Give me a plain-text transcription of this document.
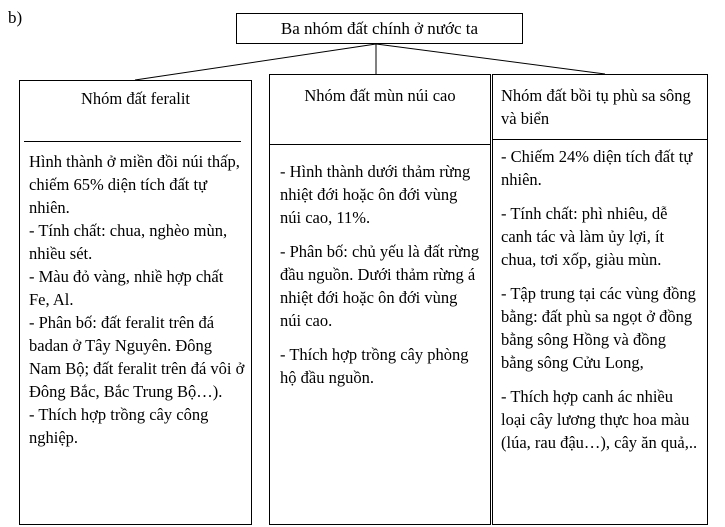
b)
Ba nhóm đất chính ở nước ta
Nhóm đất feralit

Hình thành ở miền đồi núi thấp, chiếm 65% diện tích đất tự nhiên.

- Tính chất: chua, nghèo mùn, nhiều sét.

- Màu đỏ vàng, nhiề hợp chất Fe, Al.

- Phân bố: đất feralit trên đá badan ở Tây Nguyên. Đông Nam Bộ; đất feralit trên đá vôi ở Đông Bắc, Bắc Trung Bộ…).

- Thích hợp trồng cây công nghiệp.

Nhóm đất mùn núi cao

- Hình thành dưới thảm rừng nhiệt đới hoặc ôn đới vùng núi cao, 11%.

- Phân bố: chủ yếu là đất rừng đầu nguồn. Dưới thảm rừng á nhiệt đới hoặc ôn đới vùng núi cao.

- Thích hợp trồng cây phòng hộ đầu nguồn.

Nhóm đất bồi tụ phù sa sông và biển

- Chiếm 24% diện tích đất tự nhiên.

- Tính chất: phì nhiêu, dễ canh tác và làm ủy lợi, ít chua, tơi xốp, giàu mùn.

- Tập trung tại các vùng đồng bằng: đất phù sa ngọt ở đồng bằng sông Hồng và đồng bằng sông Cửu Long,

- Thích hợp canh ác nhiều loại cây lương thực hoa màu (lúa, rau đậu…), cây ăn quả,..
